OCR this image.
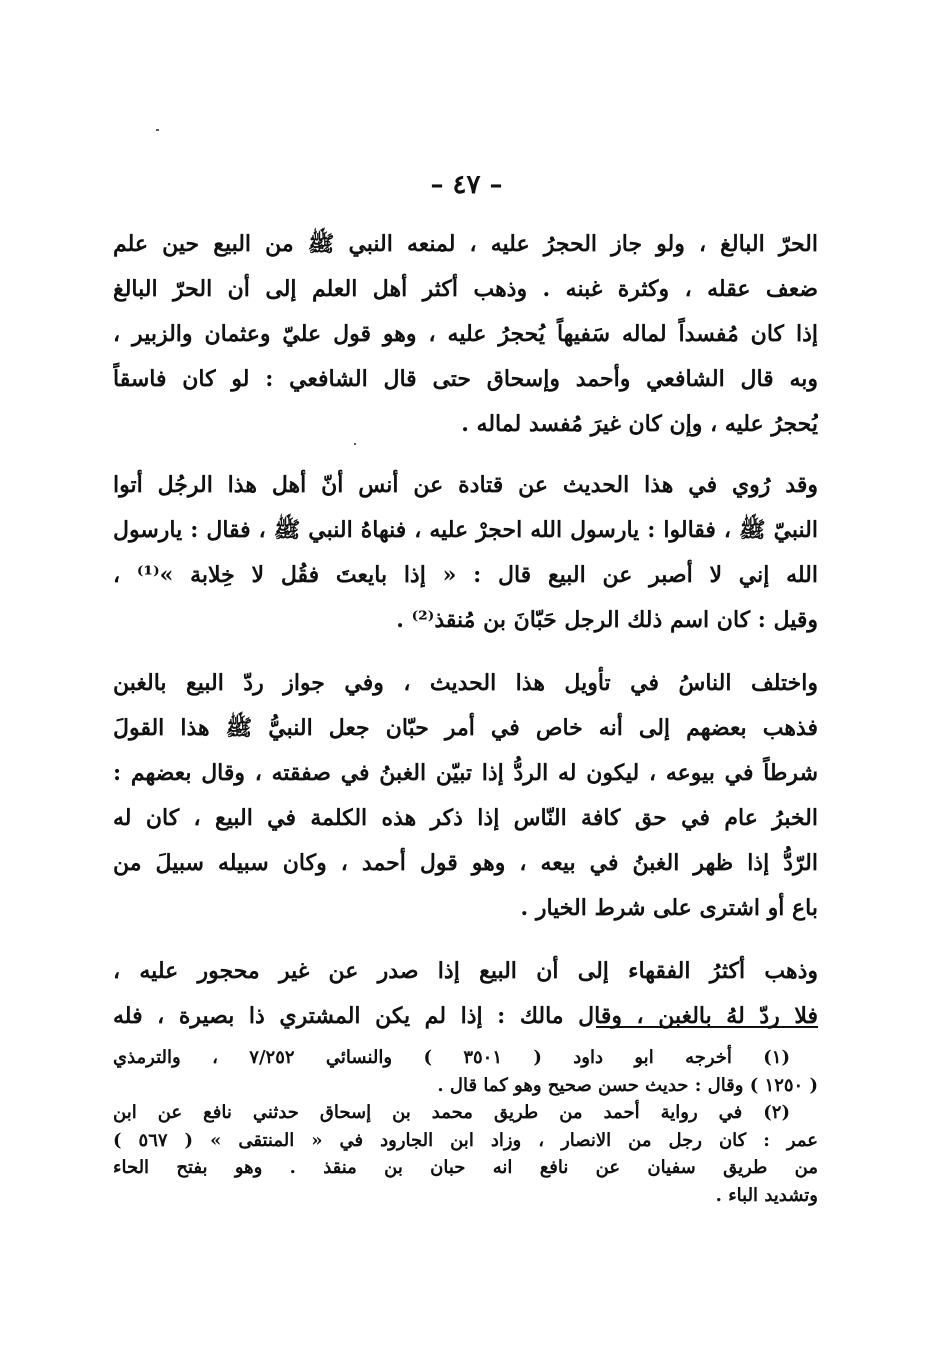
– ٤٧ –
الحرّ البالغ ، ولو جاز الحجرُ عليه ، لمنعه النبي ﷺ من البيع حين علم
ضعف عقله ، وكثرة غبنه . وذهب أكثر أهل العلم إلى أن الحرّ البالغ
إذا كان مُفسداً لماله سَفيهاً يُحجرُ عليه ، وهو قول عليّ وعثمان والزبير ،
وبه قال الشافعي وأحمد وإسحاق حتى قال الشافعي : لو كان فاسقاً
يُحجرُ عليه ، وإن كان غيرَ مُفسد لماله .
وقد رُوي في هذا الحديث عن قتادة عن أنس أنّ أهل هذا الرجُل أتوا
النبيّ ﷺ ، فقالوا : يارسول الله احجرْ عليه ، فنهاهُ النبي ﷺ ، فقال : يارسول
الله إني لا أصبر عن البيع قال : « إذا بايعتَ فقُل لا خِلابة »⁽¹⁾ ،
وقيل : كان اسم ذلك الرجل حَبّانَ بن مُنقذ⁽²⁾ .
واختلف الناسُ في تأويل هذا الحديث ، وفي جواز ردّ البيع بالغبن
فذهب بعضهم إلى أنه خاص في أمر حبّان جعل النبيُّ ﷺ هذا القولَ
شرطاً في بيوعه ، ليكون له الردُّ إذا تبيّن الغبنُ في صفقته ، وقال بعضهم :
الخبرُ عام في حق كافة النّاس إذا ذكر هذه الكلمة في البيع ، كان له
الرّدُّ إذا ظهر الغبنُ في بيعه ، وهو قول أحمد ، وكان سبيله سبيلَ من
باع أو اشترى على شرط الخيار .
وذهب أكثرُ الفقهاء إلى أن البيع إذا صدر عن غير محجور عليه ،
فلا ردّ لهُ بالغبن ، وقال مالك : إذا لم يكن المشتري ذا بصيرة ، فله
(١) أخرجه ابو داود ( ٣٥٠١ ) والنسائي ٧/٢٥٢ ، والترمذي
( ١٢٥٠ ) وقال : حديث حسن صحيح وهو كما قال .
(٢) في رواية أحمد من طريق محمد بن إسحاق حدثني نافع عن ابن
عمر : كان رجل من الانصار ، وزاد ابن الجارود في « المنتقى » ( ٥٦٧ )
من طريق سفيان عن نافع انه حبان بن منقذ . وهو بفتح الحاء
وتشديد الباء .
